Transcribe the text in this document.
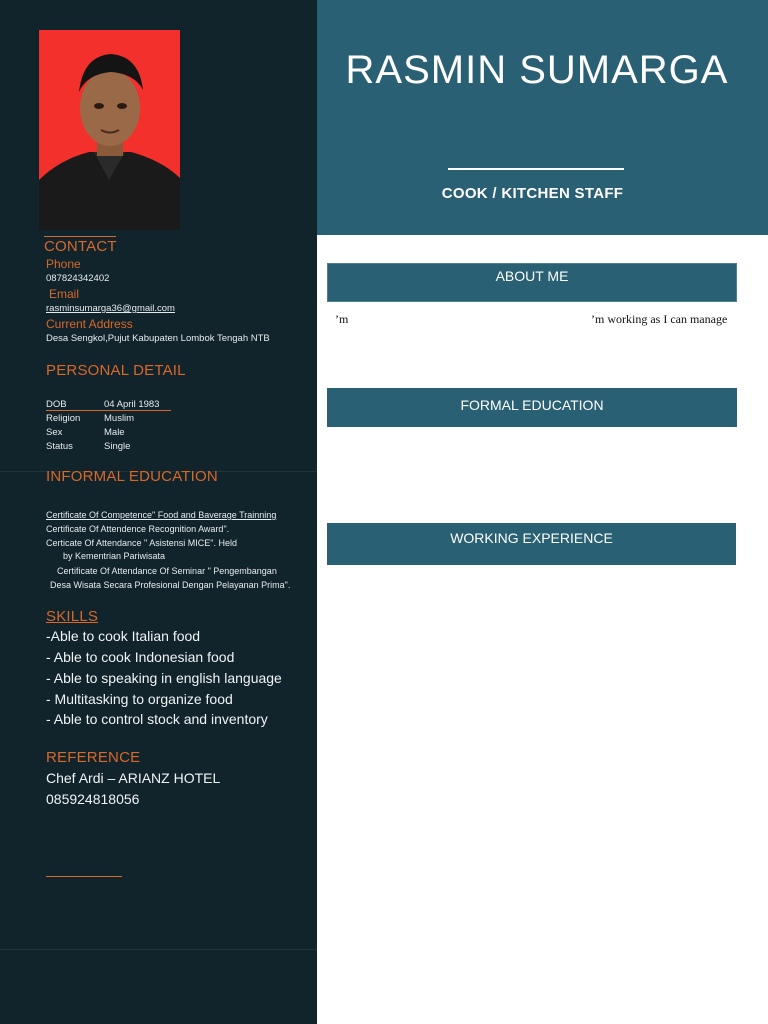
CONTACT
Phone
087824342402
Email
rasminsumarga36@gmail.com
Current Address
Desa Sengkol,Pujut Kabupaten Lombok Tengah NTB
PERSONAL DETAIL
DOB	04 April 1983
Religion Muslim
Sex	Male
Status	Single
INFORMAL EDUCATION
Certificate Of Competence" Food and Baverage Trainning
Certificate Of Attendence Recognition Award".
Certicate Of Attendance " Asistensi MICE". Held
by Kementrian Pariwisata
Certificate Of Attendance Of Seminar " Pengembangan
Desa Wisata Secara Profesional Dengan Pelayanan Prima".
SKILLS
-Able to cook Italian food
- Able to cook Indonesian food
- Able to speaking in english language
- Multitasking to organize food
- Able to control stock and inventory
REFERENCE
Chef Ardi – ARIANZ HOTEL
085924818056
RASMIN SUMARGA
COOK / KITCHEN STAFF
ABOUT ME
’m	’m working as I can manage
FORMAL EDUCATION
WORKING EXPERIENCE
